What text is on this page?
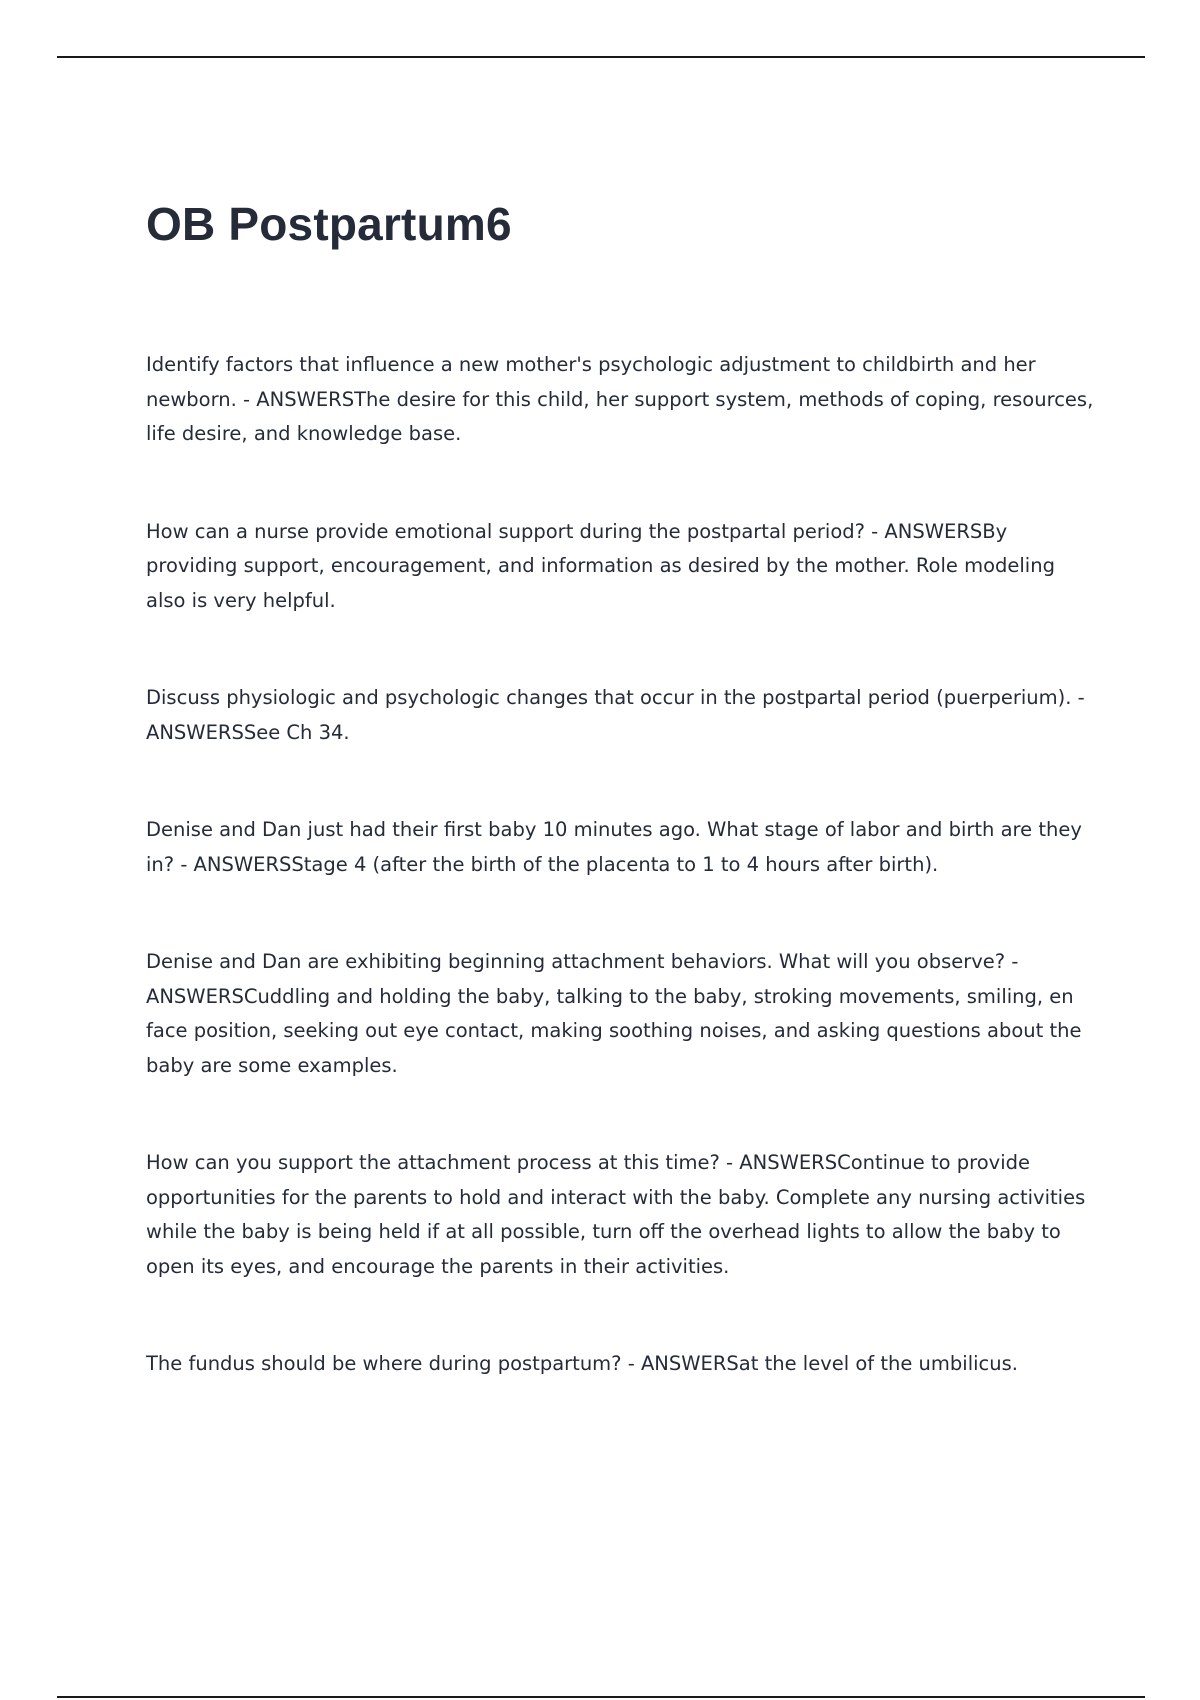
OB Postpartum6

Identify factors that influence a new mother's psychologic adjustment to childbirth and her newborn. - ANSWERSThe desire for this child, her support system, methods of coping, resources, life desire, and knowledge base.

How can a nurse provide emotional support during the postpartal period? - ANSWERSBy providing support, encouragement, and information as desired by the mother. Role modeling also is very helpful.

Discuss physiologic and psychologic changes that occur in the postpartal period (puerperium). - ANSWERSSee Ch 34.

Denise and Dan just had their first baby 10 minutes ago. What stage of labor and birth are they in? - ANSWERSStage 4 (after the birth of the placenta to 1 to 4 hours after birth).

Denise and Dan are exhibiting beginning attachment behaviors. What will you observe? - ANSWERSCuddling and holding the baby, talking to the baby, stroking movements, smiling, en face position, seeking out eye contact, making soothing noises, and asking questions about the baby are some examples.

How can you support the attachment process at this time? - ANSWERSContinue to provide opportunities for the parents to hold and interact with the baby. Complete any nursing activities while the baby is being held if at all possible, turn off the overhead lights to allow the baby to open its eyes, and encourage the parents in their activities.

The fundus should be where during postpartum? - ANSWERSat the level of the umbilicus.
